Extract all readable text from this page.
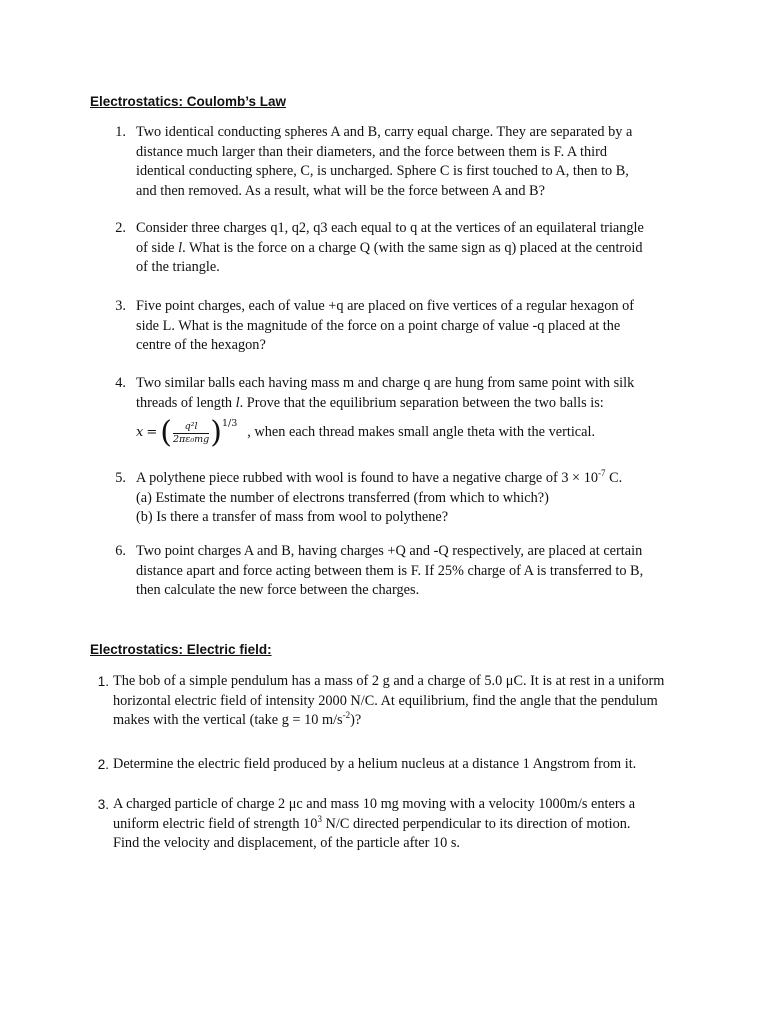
Electrostatics: Coulomb’s Law
1. Two identical conducting spheres A and B, carry equal charge. They are separated by a
distance much larger than their diameters, and the force between them is F. A third
identical conducting sphere, C, is uncharged. Sphere C is first touched to A, then to B,
and then removed. As a result, what will be the force between A and B?
2. Consider three charges q1, q2, q3 each equal to q at the vertices of an equilateral triangle
of side l. What is the force on a charge Q (with the same sign as q) placed at the centroid
of the triangle.
3. Five point charges, each of value +q are placed on five vertices of a regular hexagon of
side L. What is the magnitude of the force on a point charge of value -q placed at the
centre of the hexagon?
4. Two similar balls each having mass m and charge q are hung from same point with silk
threads of length l. Prove that the equilibrium separation between the two balls is:
x = ( $\frac{\text{q²l}}{\text{2πε₀mg}}$ ) 1/3
, when each thread makes small angle theta with the vertical.
5. A polythene piece rubbed with wool is found to have a negative charge of $3 \times 10^{-7}$ C.
(a) Estimate the number of electrons transferred (from which to which?)
(b) Is there a transfer of mass from wool to polythene?
6. Two point charges A and B, having charges +Q and -Q respectively, are placed at certain
distance apart and force acting between them is F. If 25% charge of A is transferred to B,
then calculate the new force between the charges.
Electrostatics: Electric field:
1. The bob of a simple pendulum has a mass of 2 g and a charge of 5.0 μC. It is at rest in a uniform
horizontal electric field of intensity 2000 N/C. At equilibrium, find the angle that the pendulum
makes with the vertical (take g = 10 $m/s^{-2}$)?
2. Determine the electric field produced by a helium nucleus at a distance 1 Angstrom from it.
3. A charged particle of charge 2 μc and mass 10 mg moving with a velocity 1000m/s enters a
uniform electric field of strength $10^3$ N/C directed perpendicular to its direction of motion.
Find the velocity and displacement, of the particle after 10 s.
